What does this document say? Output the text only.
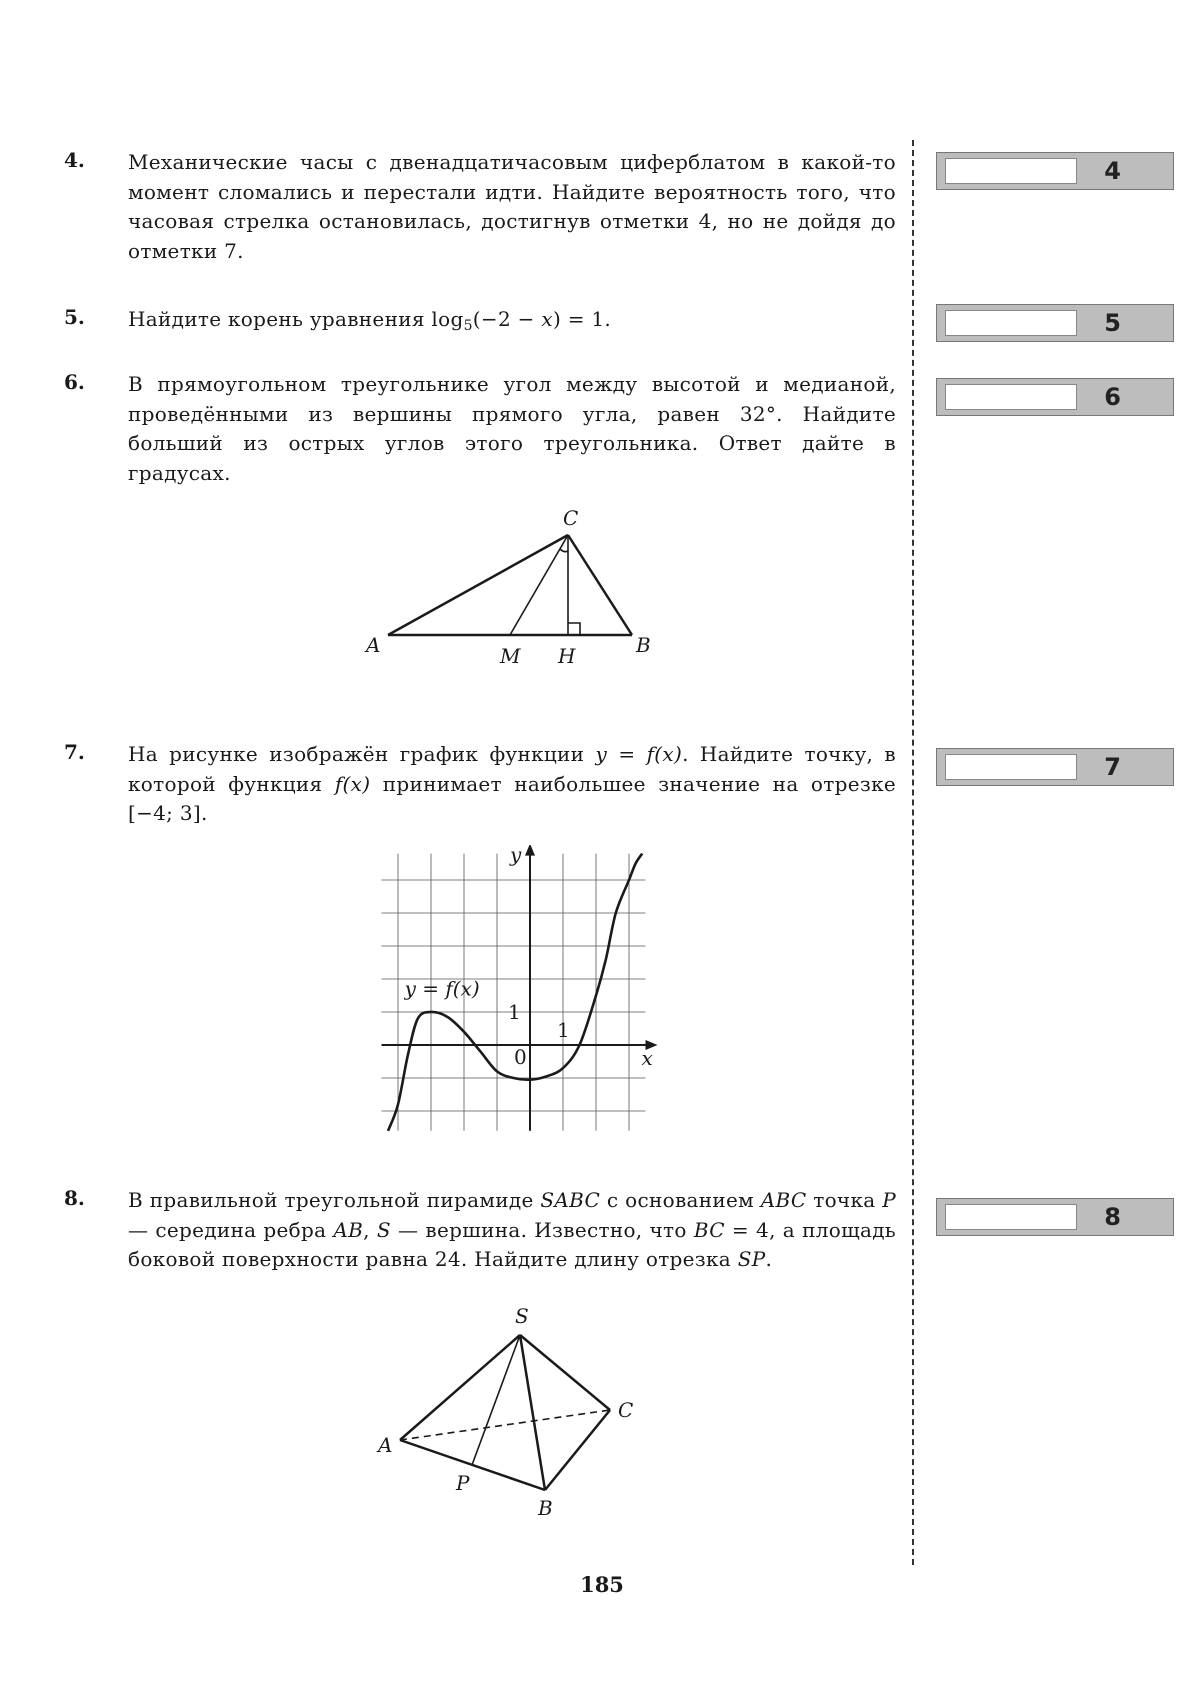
4. Механические часы с двенадцатичасовым циферблатом в какой-то момент сломались и перестали идти. Найдите вероятность того, что часовая стрелка остановилась, достигнув отметки 4, но не дойдя до отметки 7.
4
5. Найдите корень уравнения $\log_5(-2 - x) = 1$.	5
6. В прямоугольном треугольнике угол между высотой и медианой, проведёнными из вершины прямого угла, равен 32°. Найдите больший из острых углов этого треугольника. Ответ дайте в градусах.
6
C
A	M H	B
7. На рисунке изображён график функции y = f(x). Найдите точку, в которой функция f(x) принимает наибольшее значение на отрезке [−4; 3].
7
y
x
y = f(x)
1
1
0
8. В правильной треугольной пирамиде SABC с основанием ABC точка P — середина ребра AB, S — вершина. Известно, что BC = 4, а площадь боковой поверхности равна 24. Найдите длину отрезка SP.
8
S
C
A
P
B
185
